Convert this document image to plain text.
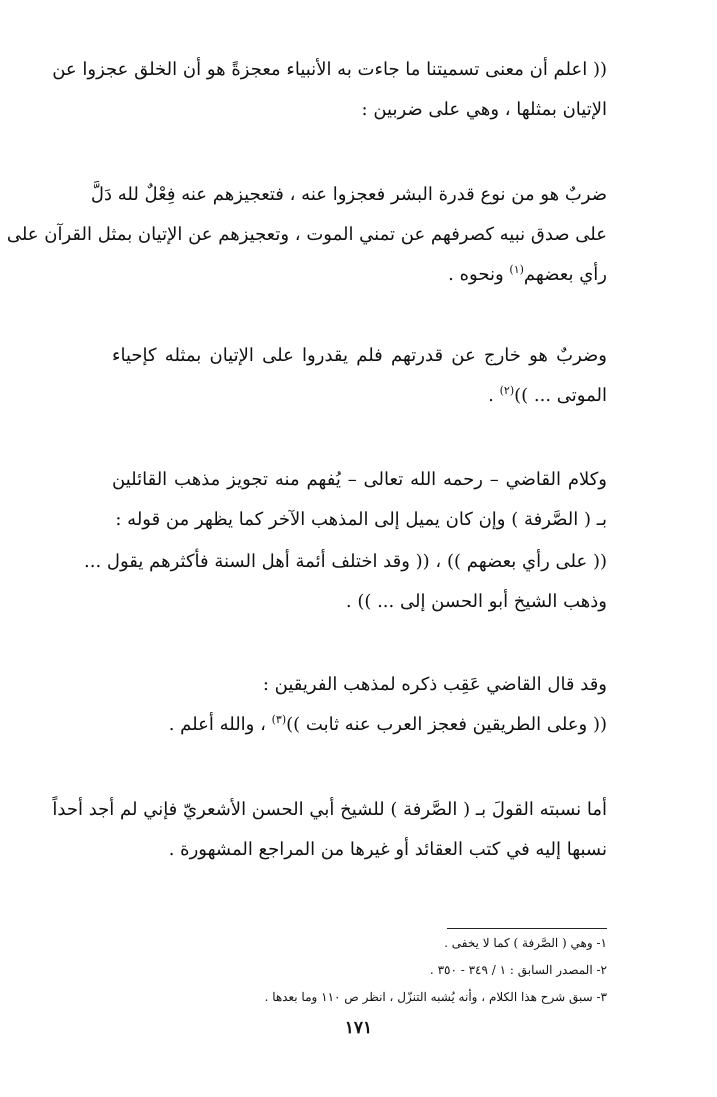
(( اعلم أن معنى تسميتنا ما جاءت به الأنبياء معجزةً هو أن الخلق عجزوا عن
الإتيان بمثلها ، وهي على ضربين :
ضربٌ هو من نوع قدرة البشر فعجزوا عنه ، فتعجيزهم عنه فِعْلٌ لله دَلَّ
على صدق نبيه كصرفهم عن تمني الموت ، وتعجيزهم عن الإتيان بمثل القرآن على
رأي بعضهم$^{(١)}$ ونحوه .
وضربٌ هو خارج عن قدرتهم فلم يقدروا على الإتيان بمثله كإحياء
الموتى ... ))$^{(٢)}$ .
وكلام القاضي – رحمه الله تعالى – يُفهم منه تجويز مذهب القائلين
بـ ( الصَّرفة ) وإن كان يميل إلى المذهب الآخر كما يظهر من قوله :
(( على رأي بعضهم )) ، (( وقد اختلف أئمة أهل السنة فأكثرهم يقول ...
وذهب الشيخ أبو الحسن إلى ... )) .
وقد قال القاضي عَقِب ذكره لمذهب الفريقين :
(( وعلى الطريقين فعجز العرب عنه ثابت ))$^{(٣)}$ ، والله أعلم .
أما نسبته القولَ بـ ( الصَّرفة ) للشيخ أبي الحسن الأشعريّ فإني لم أجد أحداً
نسبها إليه في كتب العقائد أو غيرها من المراجع المشهورة .
١- وهي ( الصَّرفة ) كما لا يخفى .
٢- المصدر السابق : ١ / ٣٤٩ - ٣٥٠ .
٣- سبق شرح هذا الكلام ، وأنه يُشبه التنزّل ، انظر ص ١١٠ وما بعدها .
١٧١
